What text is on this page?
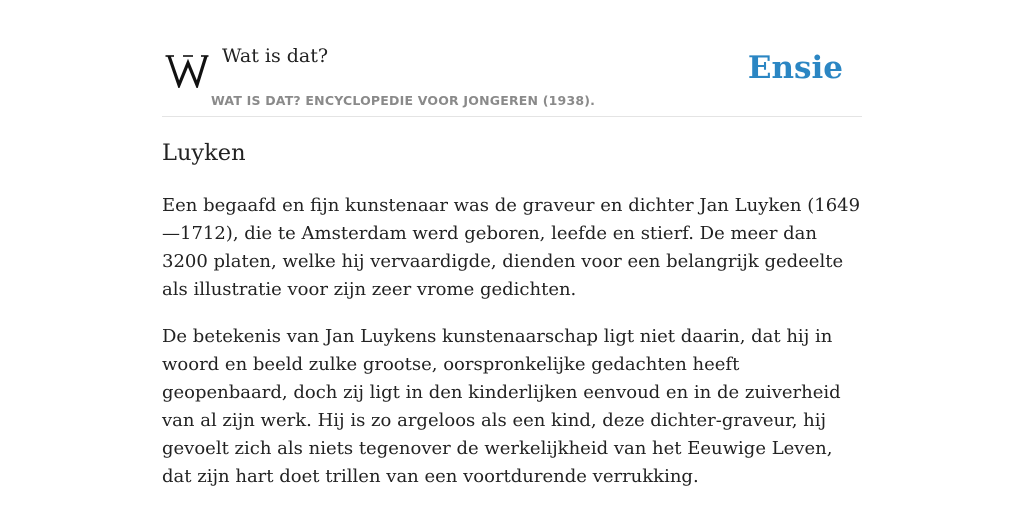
Wat is dat?
WAT IS DAT? ENCYCLOPEDIE VOOR JONGEREN (1938).
Ensie
Luyken

Een begaafd en fijn kunstenaar was de graveur en dichter Jan Luyken (1649—1712), die te Amsterdam werd geboren, leefde en stierf. De meer dan 3200 platen, welke hij vervaardigde, dienden voor een belangrijk gedeelte als illustratie voor zijn zeer vrome gedichten.

De betekenis van Jan Luykens kunstenaarschap ligt niet daarin, dat hij in woord en beeld zulke grootse, oorspronkelijke gedachten heeft geopenbaard, doch zij ligt in den kinderlijken eenvoud en in de zuiverheid van al zijn werk. Hij is zo argeloos als een kind, deze dichter-graveur, hij gevoelt zich als niets tegenover de werkelijkheid van het Eeuwige Leven, dat zijn hart doet trillen van een voortdurende verrukking.
